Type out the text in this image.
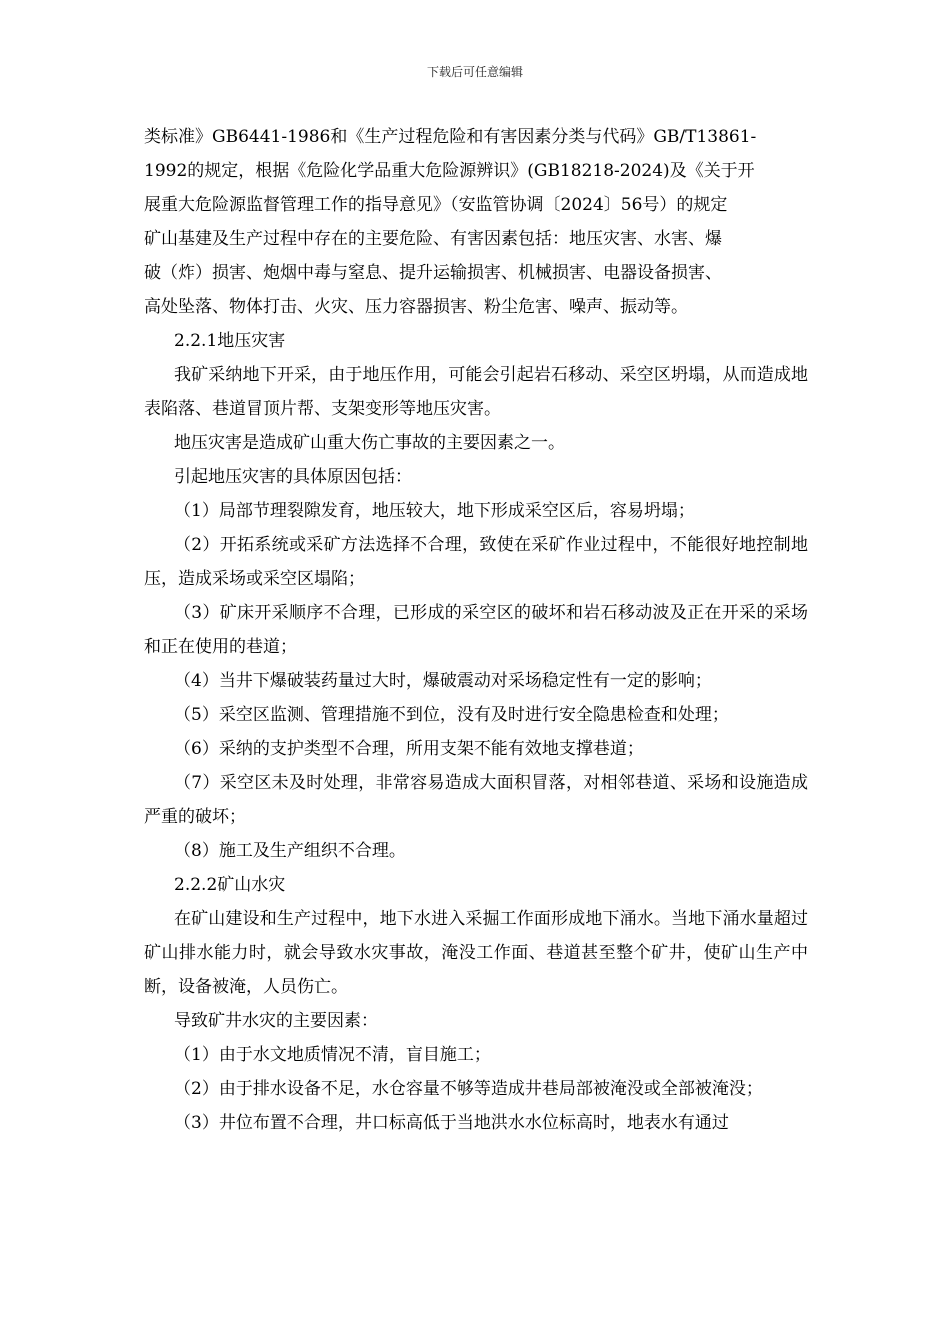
下载后可任意编辑
类标准》GB6441-1986和《生产过程危险和有害因素分类与代码》GB/T13861-
1992的规定，根据《危险化学品重大危险源辨识》(GB18218-2024)及《关于开
展重大危险源监督管理工作的指导意见》（安监管协调〔2024〕56号）的规定
矿山基建及生产过程中存在的主要危险、有害因素包括：地压灾害、水害、爆
破（炸）损害、炮烟中毒与窒息、提升运输损害、机械损害、电器设备损害、
高处坠落、物体打击、火灾、压力容器损害、粉尘危害、噪声、振动等。
2.2.1地压灾害
我矿采纳地下开采，由于地压作用，可能会引起岩石移动、采空区坍塌，从而造成地表陷落、巷道冒顶片帮、支架变形等地压灾害。
地压灾害是造成矿山重大伤亡事故的主要因素之一。
引起地压灾害的具体原因包括：
（1）局部节理裂隙发育，地压较大，地下形成采空区后，容易坍塌；
（2）开拓系统或采矿方法选择不合理，致使在采矿作业过程中，不能很好地控制地压，造成采场或采空区塌陷；
（3）矿床开采顺序不合理，已形成的采空区的破坏和岩石移动波及正在开采的采场和正在使用的巷道；
（4）当井下爆破装药量过大时，爆破震动对采场稳定性有一定的影响；
（5）采空区监测、管理措施不到位，没有及时进行安全隐患检查和处理；
（6）采纳的支护类型不合理，所用支架不能有效地支撑巷道；
（7）采空区未及时处理，非常容易造成大面积冒落，对相邻巷道、采场和设施造成严重的破坏；
（8）施工及生产组织不合理。
2.2.2矿山水灾
在矿山建设和生产过程中，地下水进入采掘工作面形成地下涌水。当地下涌水量超过矿山排水能力时，就会导致水灾事故，淹没工作面、巷道甚至整个矿井，使矿山生产中断，设备被淹，人员伤亡。
导致矿井水灾的主要因素：
（1）由于水文地质情况不清，盲目施工；
（2）由于排水设备不足，水仓容量不够等造成井巷局部被淹没或全部被淹没；
（3）井位布置不合理，井口标高低于当地洪水水位标高时，地表水有通过
